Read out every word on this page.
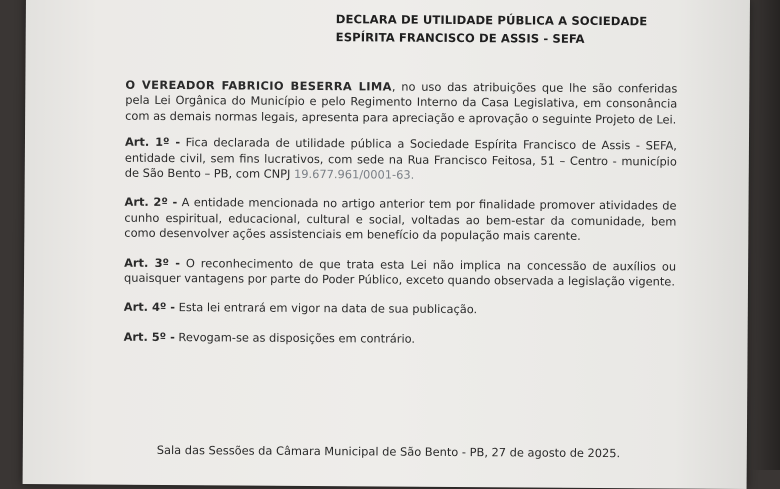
DECLARA DE UTILIDADE PÚBLICA A SOCIEDADE
ESPÍRITA FRANCISCO DE ASSIS - SEFA

O VEREADOR FABRICIO BESERRA LIMA, no uso das atribuições que lhe são conferidas pela Lei Orgânica do Município e pelo Regimento Interno da Casa Legislativa, em consonância com as demais normas legais, apresenta para apreciação e aprovação o seguinte Projeto de Lei.

Art. 1º - Fica declarada de utilidade pública a Sociedade Espírita Francisco de Assis - SEFA, entidade civil, sem fins lucrativos, com sede na Rua Francisco Feitosa, 51 – Centro - município de São Bento – PB, com CNPJ 19.677.961/0001-63.

Art. 2º - A entidade mencionada no artigo anterior tem por finalidade promover atividades de cunho espiritual, educacional, cultural e social, voltadas ao bem-estar da comunidade, bem como desenvolver ações assistenciais em benefício da população mais carente.

Art. 3º - O reconhecimento de que trata esta Lei não implica na concessão de auxílios ou quaisquer vantagens por parte do Poder Público, exceto quando observada a legislação vigente.

Art. 4º - Esta lei entrará em vigor na data de sua publicação.

Art. 5º - Revogam-se as disposições em contrário.

Sala das Sessões da Câmara Municipal de São Bento - PB, 27 de agosto de 2025.
